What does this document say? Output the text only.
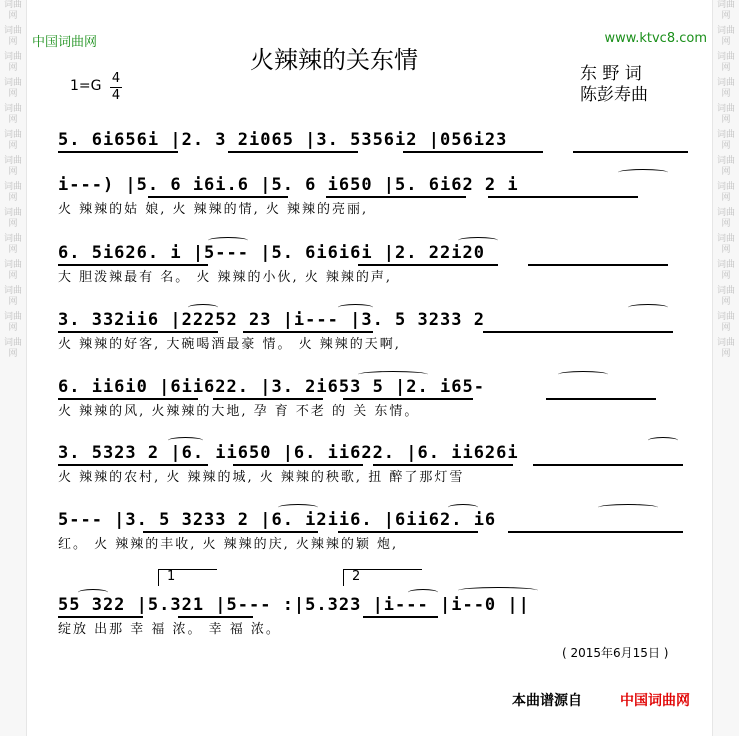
词曲网
词曲网
词曲网
词曲网
词曲网
词曲网
词曲网
词曲网
词曲网
词曲网
词曲网
词曲网
词曲网
词曲网
词曲网
词曲网
词曲网
词曲网
词曲网
词曲网
词曲网
词曲网
词曲网
词曲网
词曲网
词曲网
词曲网
词曲网
中国词曲网	www.ktvc8.com
火辣辣的关东情
1=G 4
4
东 野 词
陈彭寿曲
5. 6i656i |2. 3 2i065 |3. 5356i2 |056i23
i---) |5. 6 i6i.6 |5. 6 i650 |5. 6i62 2 i
火 辣辣的姑 娘, 火 辣辣的情, 火 辣辣的亮丽,
6. 5i626. i |5--- |5. 6i6i6i |2. 22i20
大 胆泼辣最有 名。 火 辣辣的小伙, 火 辣辣的声,
3. 332ii6 |22252 23 |i--- |3. 5 3233 2
火 辣辣的好客, 大碗喝酒最豪 情。 火 辣辣的天啊,
6. ii6i0 |6ii622. |3. 2i653 5 |2. i65-
火 辣辣的风, 火辣辣的大地, 孕 育 不老 的 关 东情。
3. 5323 2 |6. ii650 |6. ii622. |6. ii626i
火 辣辣的农村, 火 辣辣的城, 火 辣辣的秧歌, 扭 醉了那灯雪
5--- |3. 5 3233 2 |6. i2ii6. |6ii62. i6
红。 火 辣辣的丰收, 火 辣辣的庆, 火辣辣的颖 炮,
1	2
55 322 |5.321 |5--- :|5.323 |i--- |i--0 ||
绽放 出那 幸 福 浓。 幸 福 浓。
( 2015年6月15日 )
本曲谱源自	中国词曲网
